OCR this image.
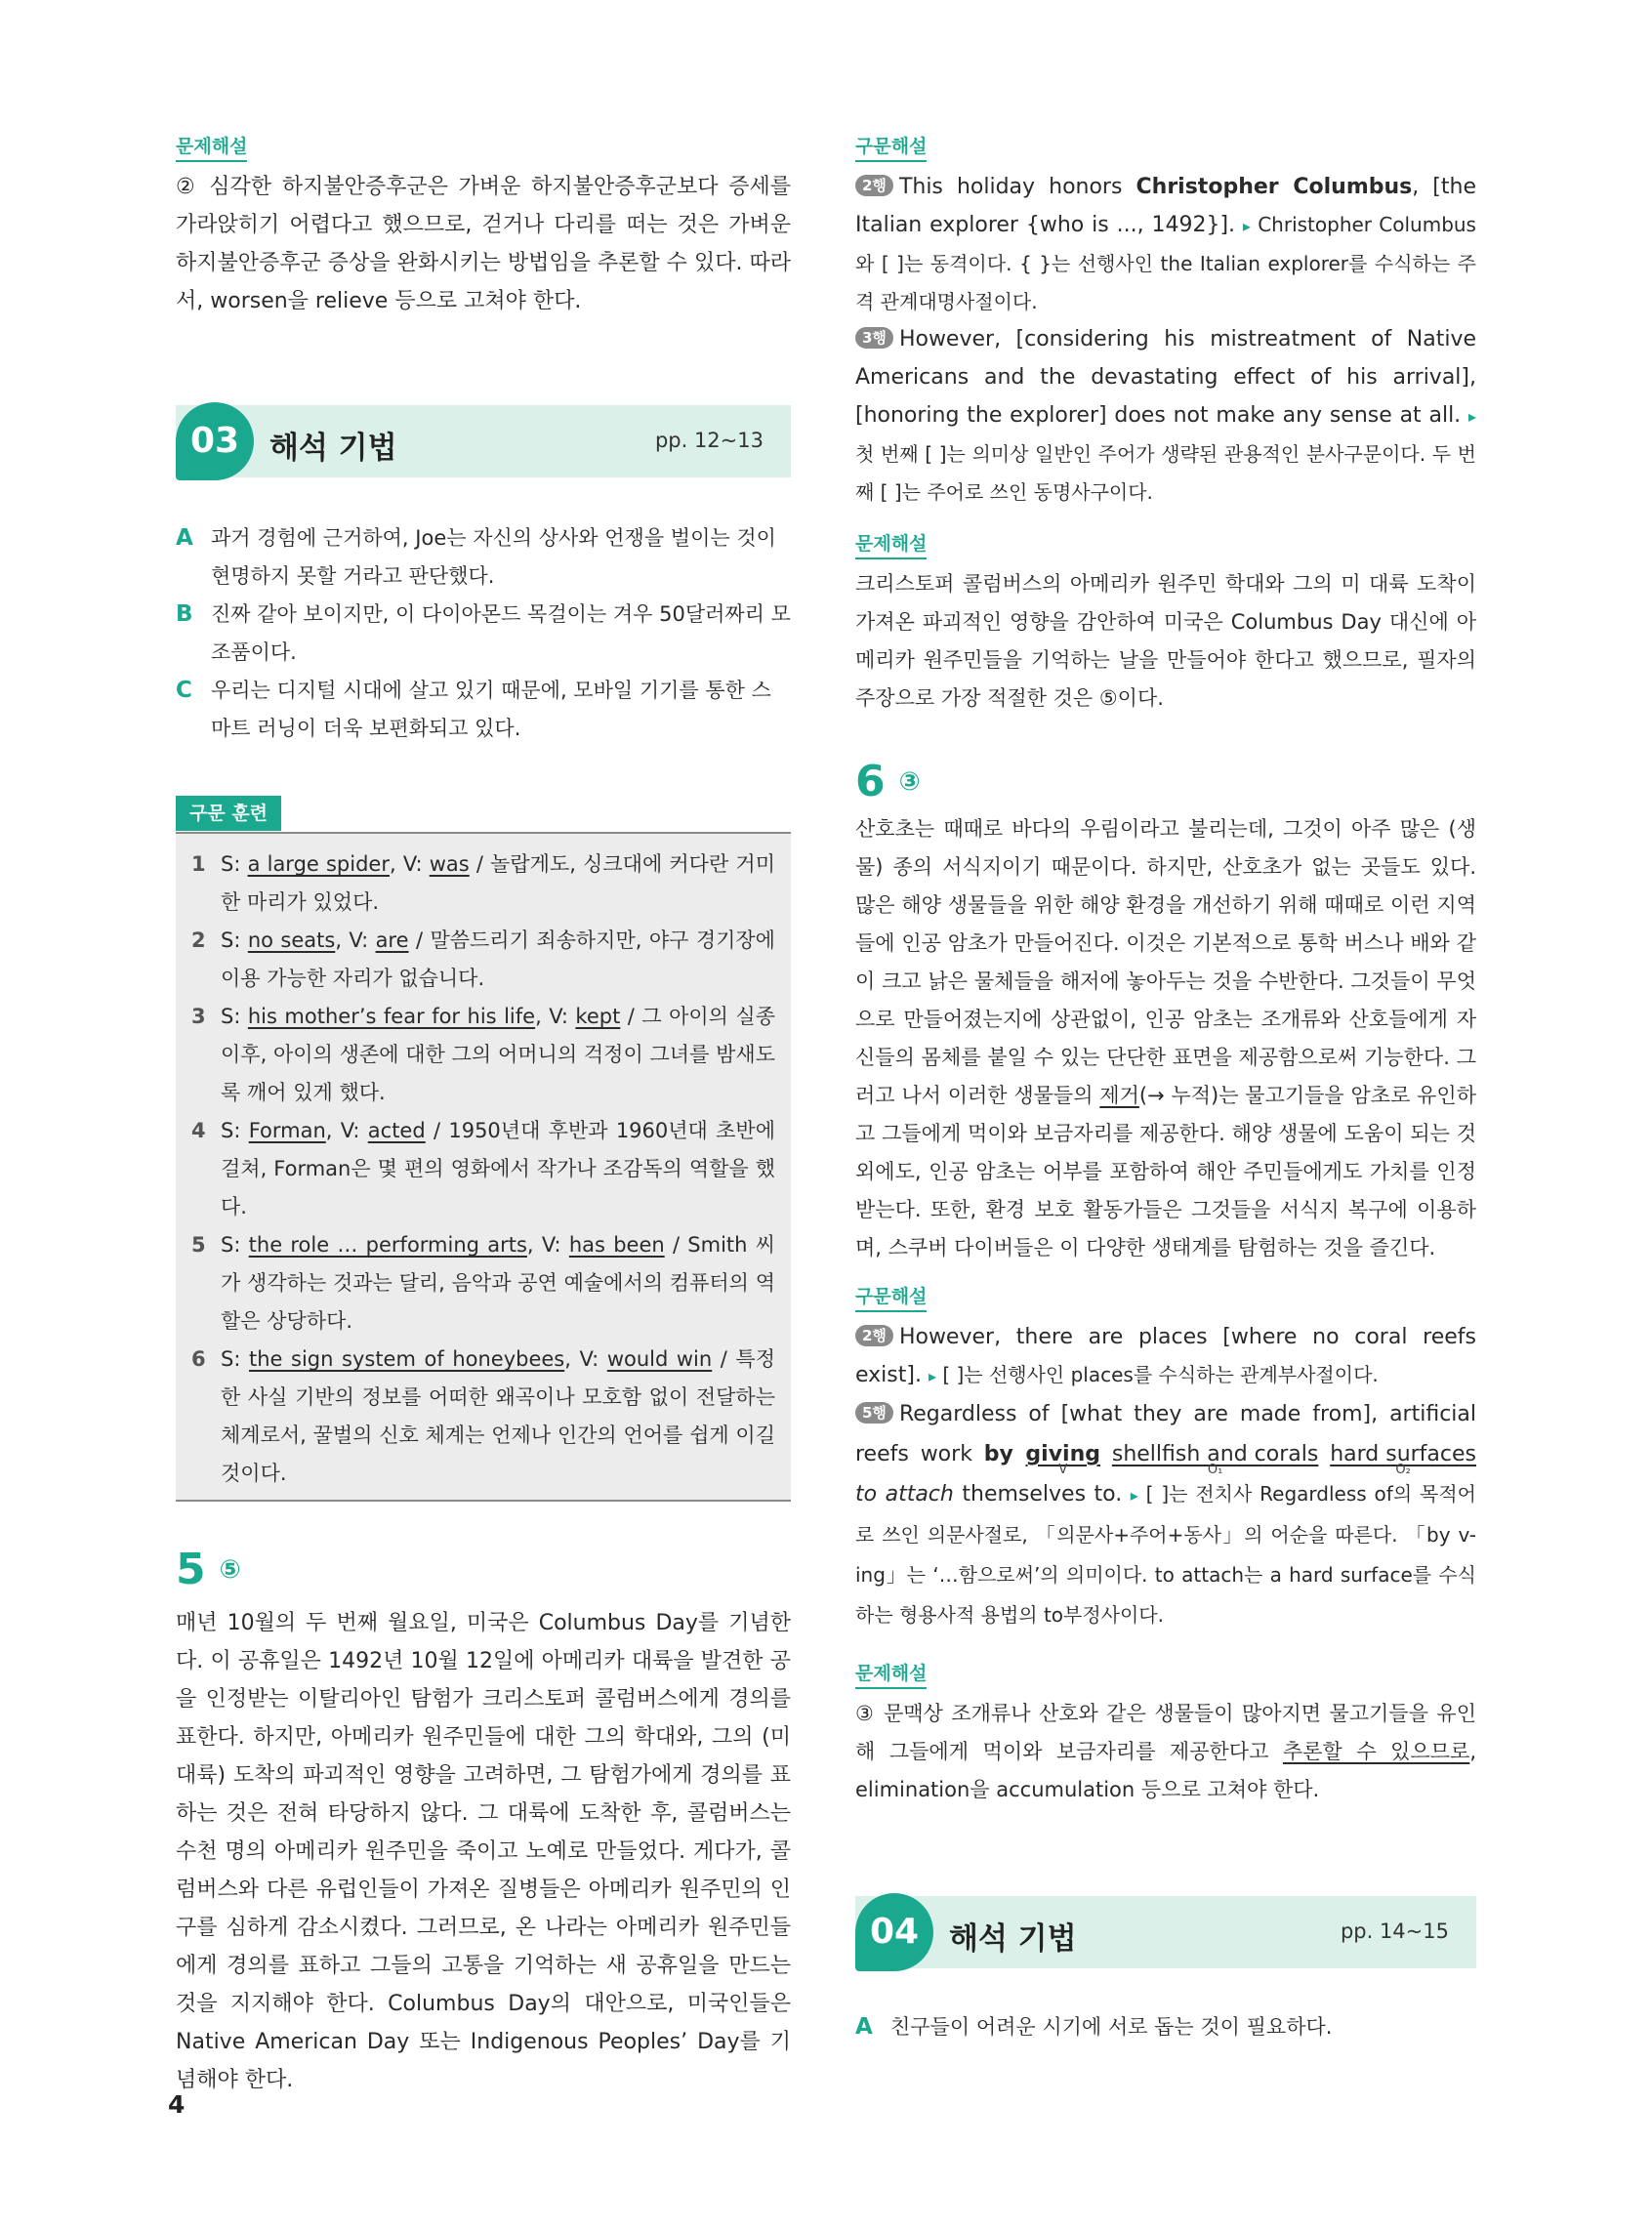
문제해설
② 심각한 하지불안증후군은 가벼운 하지불안증후군보다 증세를 가라앉히기 어렵다고 했으므로, 걷거나 다리를 떠는 것은 가벼운 하지불안증후군 증상을 완화시키는 방법임을 추론할 수 있다. 따라서, worsen을 relieve 등으로 고쳐야 한다.
03 해석 기법	pp. 12~13
A 과거 경험에 근거하여, Joe는 자신의 상사와 언쟁을 벌이는 것이 현명하지 못할 거라고 판단했다.
B 진짜 같아 보이지만, 이 다이아몬드 목걸이는 겨우 50달러짜리 모조품이다.
C 우리는 디지털 시대에 살고 있기 때문에, 모바일 기기를 통한 스마트 러닝이 더욱 보편화되고 있다.
구문 훈련
1 S: a large spider, V: was / 놀랍게도, 싱크대에 커다란 거미 한 마리가 있었다.
2 S: no seats, V: are / 말씀드리기 죄송하지만, 야구 경기장에 이용 가능한 자리가 없습니다.
3 S: his mother’s fear for his life, V: kept / 그 아이의 실종 이후, 아이의 생존에 대한 그의 어머니의 걱정이 그녀를 밤새도록 깨어 있게 했다.
4 S: Forman, V: acted / 1950년대 후반과 1960년대 초반에 걸쳐, Forman은 몇 편의 영화에서 작가나 조감독의 역할을 했다.
5 S: the role … performing arts, V: has been / Smith 씨가 생각하는 것과는 달리, 음악과 공연 예술에서의 컴퓨터의 역할은 상당하다.
6 S: the sign system of honeybees, V: would win / 특정한 사실 기반의 정보를 어떠한 왜곡이나 모호함 없이 전달하는 체계로서, 꿀벌의 신호 체계는 언제나 인간의 언어를 쉽게 이길 것이다.
5 ⑤
매년 10월의 두 번째 월요일, 미국은 Columbus Day를 기념한다. 이 공휴일은 1492년 10월 12일에 아메리카 대륙을 발견한 공을 인정받는 이탈리아인 탐험가 크리스토퍼 콜럼버스에게 경의를 표한다. 하지만, 아메리카 원주민들에 대한 그의 학대와, 그의 (미 대륙) 도착의 파괴적인 영향을 고려하면, 그 탐험가에게 경의를 표하는 것은 전혀 타당하지 않다. 그 대륙에 도착한 후, 콜럼버스는 수천 명의 아메리카 원주민을 죽이고 노예로 만들었다. 게다가, 콜럼버스와 다른 유럽인들이 가져온 질병들은 아메리카 원주민의 인구를 심하게 감소시켰다. 그러므로, 온 나라는 아메리카 원주민들에게 경의를 표하고 그들의 고통을 기억하는 새 공휴일을 만드는 것을 지지해야 한다. Columbus Day의 대안으로, 미국인들은 Native American Day 또는 Indigenous Peoples’ Day를 기념해야 한다.
4
구문해설
2행 This holiday honors Christopher Columbus, [the Italian explorer {who is ..., 1492}]. ▸ Christopher Columbus와 [ ]는 동격이다. { }는 선행사인 the Italian explorer를 수식하는 주격 관계대명사절이다.
3행 However, [considering his mistreatment of Native Americans and the devastating effect of his arrival], [honoring the explorer] does not make any sense at all. ▸ 첫 번째 [ ]는 의미상 일반인 주어가 생략된 관용적인 분사구문이다. 두 번째 [ ]는 주어로 쓰인 동명사구이다.
문제해설
크리스토퍼 콜럼버스의 아메리카 원주민 학대와 그의 미 대륙 도착이 가져온 파괴적인 영향을 감안하여 미국은 Columbus Day 대신에 아메리카 원주민들을 기억하는 날을 만들어야 한다고 했으므로, 필자의 주장으로 가장 적절한 것은 ⑤이다.
6 ③
산호초는 때때로 바다의 우림이라고 불리는데, 그것이 아주 많은 (생물) 종의 서식지이기 때문이다. 하지만, 산호초가 없는 곳들도 있다. 많은 해양 생물들을 위한 해양 환경을 개선하기 위해 때때로 이런 지역들에 인공 암초가 만들어진다. 이것은 기본적으로 통학 버스나 배와 같이 크고 낡은 물체들을 해저에 놓아두는 것을 수반한다. 그것들이 무엇으로 만들어졌는지에 상관없이, 인공 암초는 조개류와 산호들에게 자신들의 몸체를 붙일 수 있는 단단한 표면을 제공함으로써 기능한다. 그러고 나서 이러한 생물들의 제거(→ 누적)는 물고기들을 암초로 유인하고 그들에게 먹이와 보금자리를 제공한다. 해양 생물에 도움이 되는 것 외에도, 인공 암초는 어부를 포함하여 해안 주민들에게도 가치를 인정받는다. 또한, 환경 보호 활동가들은 그것들을 서식지 복구에 이용하며, 스쿠버 다이버들은 이 다양한 생태계를 탐험하는 것을 즐긴다.
구문해설
2행 However, there are places [where no coral reefs exist]. ▸ [ ]는 선행사인 places를 수식하는 관계부사절이다.
5행 Regardless of [what they are made from], artificial reefs work by giving
V
shellfish and corals
O₁
hard surfaces
O₂
to attach themselves to. ▸ [ ]는 전치사 Regardless of의 목적어로 쓰인 의문사절로, 「의문사+주어+동사」의 어순을 따른다. 「by v-ing」는 ‘…함으로써’의 의미이다. to attach는 a hard surface를 수식하는 형용사적 용법의 to부정사이다.
문제해설
③ 문맥상 조개류나 산호와 같은 생물들이 많아지면 물고기들을 유인해 그들에게 먹이와 보금자리를 제공한다고 추론할 수 있으므로, elimination을 accumulation 등으로 고쳐야 한다.
04 해석 기법	pp. 14~15
A 친구들이 어려운 시기에 서로 돕는 것이 필요하다.
